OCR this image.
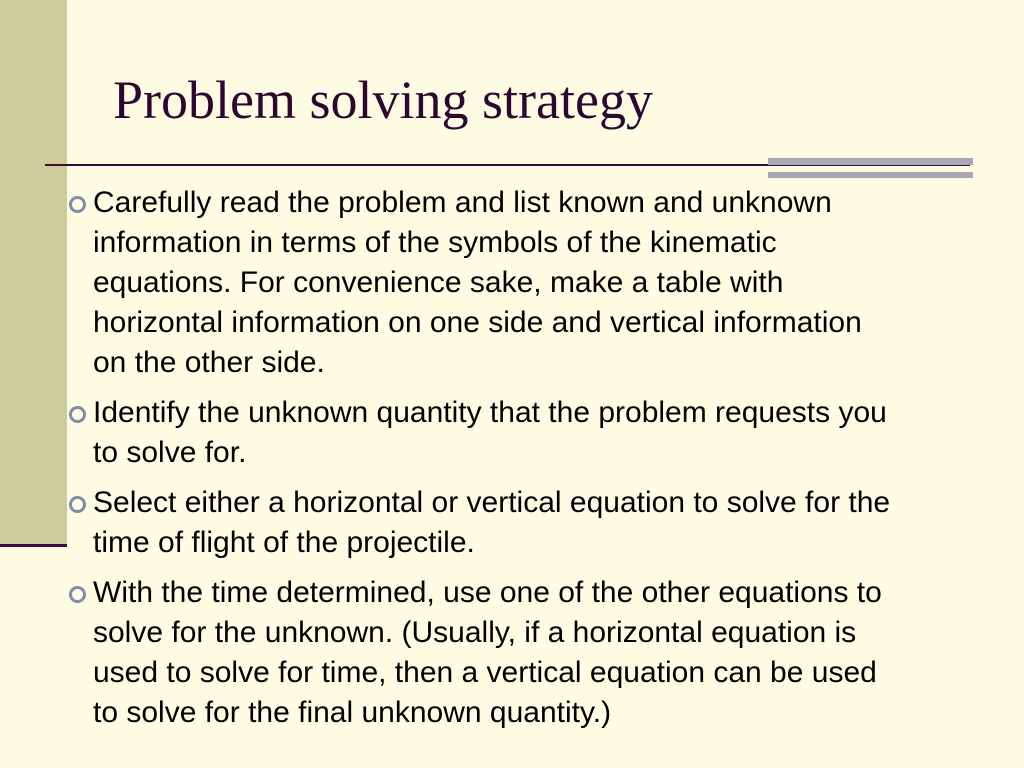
Problem solving strategy
Carefully read the problem and list known and unknown information in terms of the symbols of the kinematic equations. For convenience sake, make a table with horizontal information on one side and vertical information on the other side.
Identify the unknown quantity that the problem requests you to solve for.
Select either a horizontal or vertical equation to solve for the time of flight of the projectile.
With the time determined, use one of the other equations to solve for the unknown. (Usually, if a horizontal equation is used to solve for time, then a vertical equation can be used to solve for the final unknown quantity.)
